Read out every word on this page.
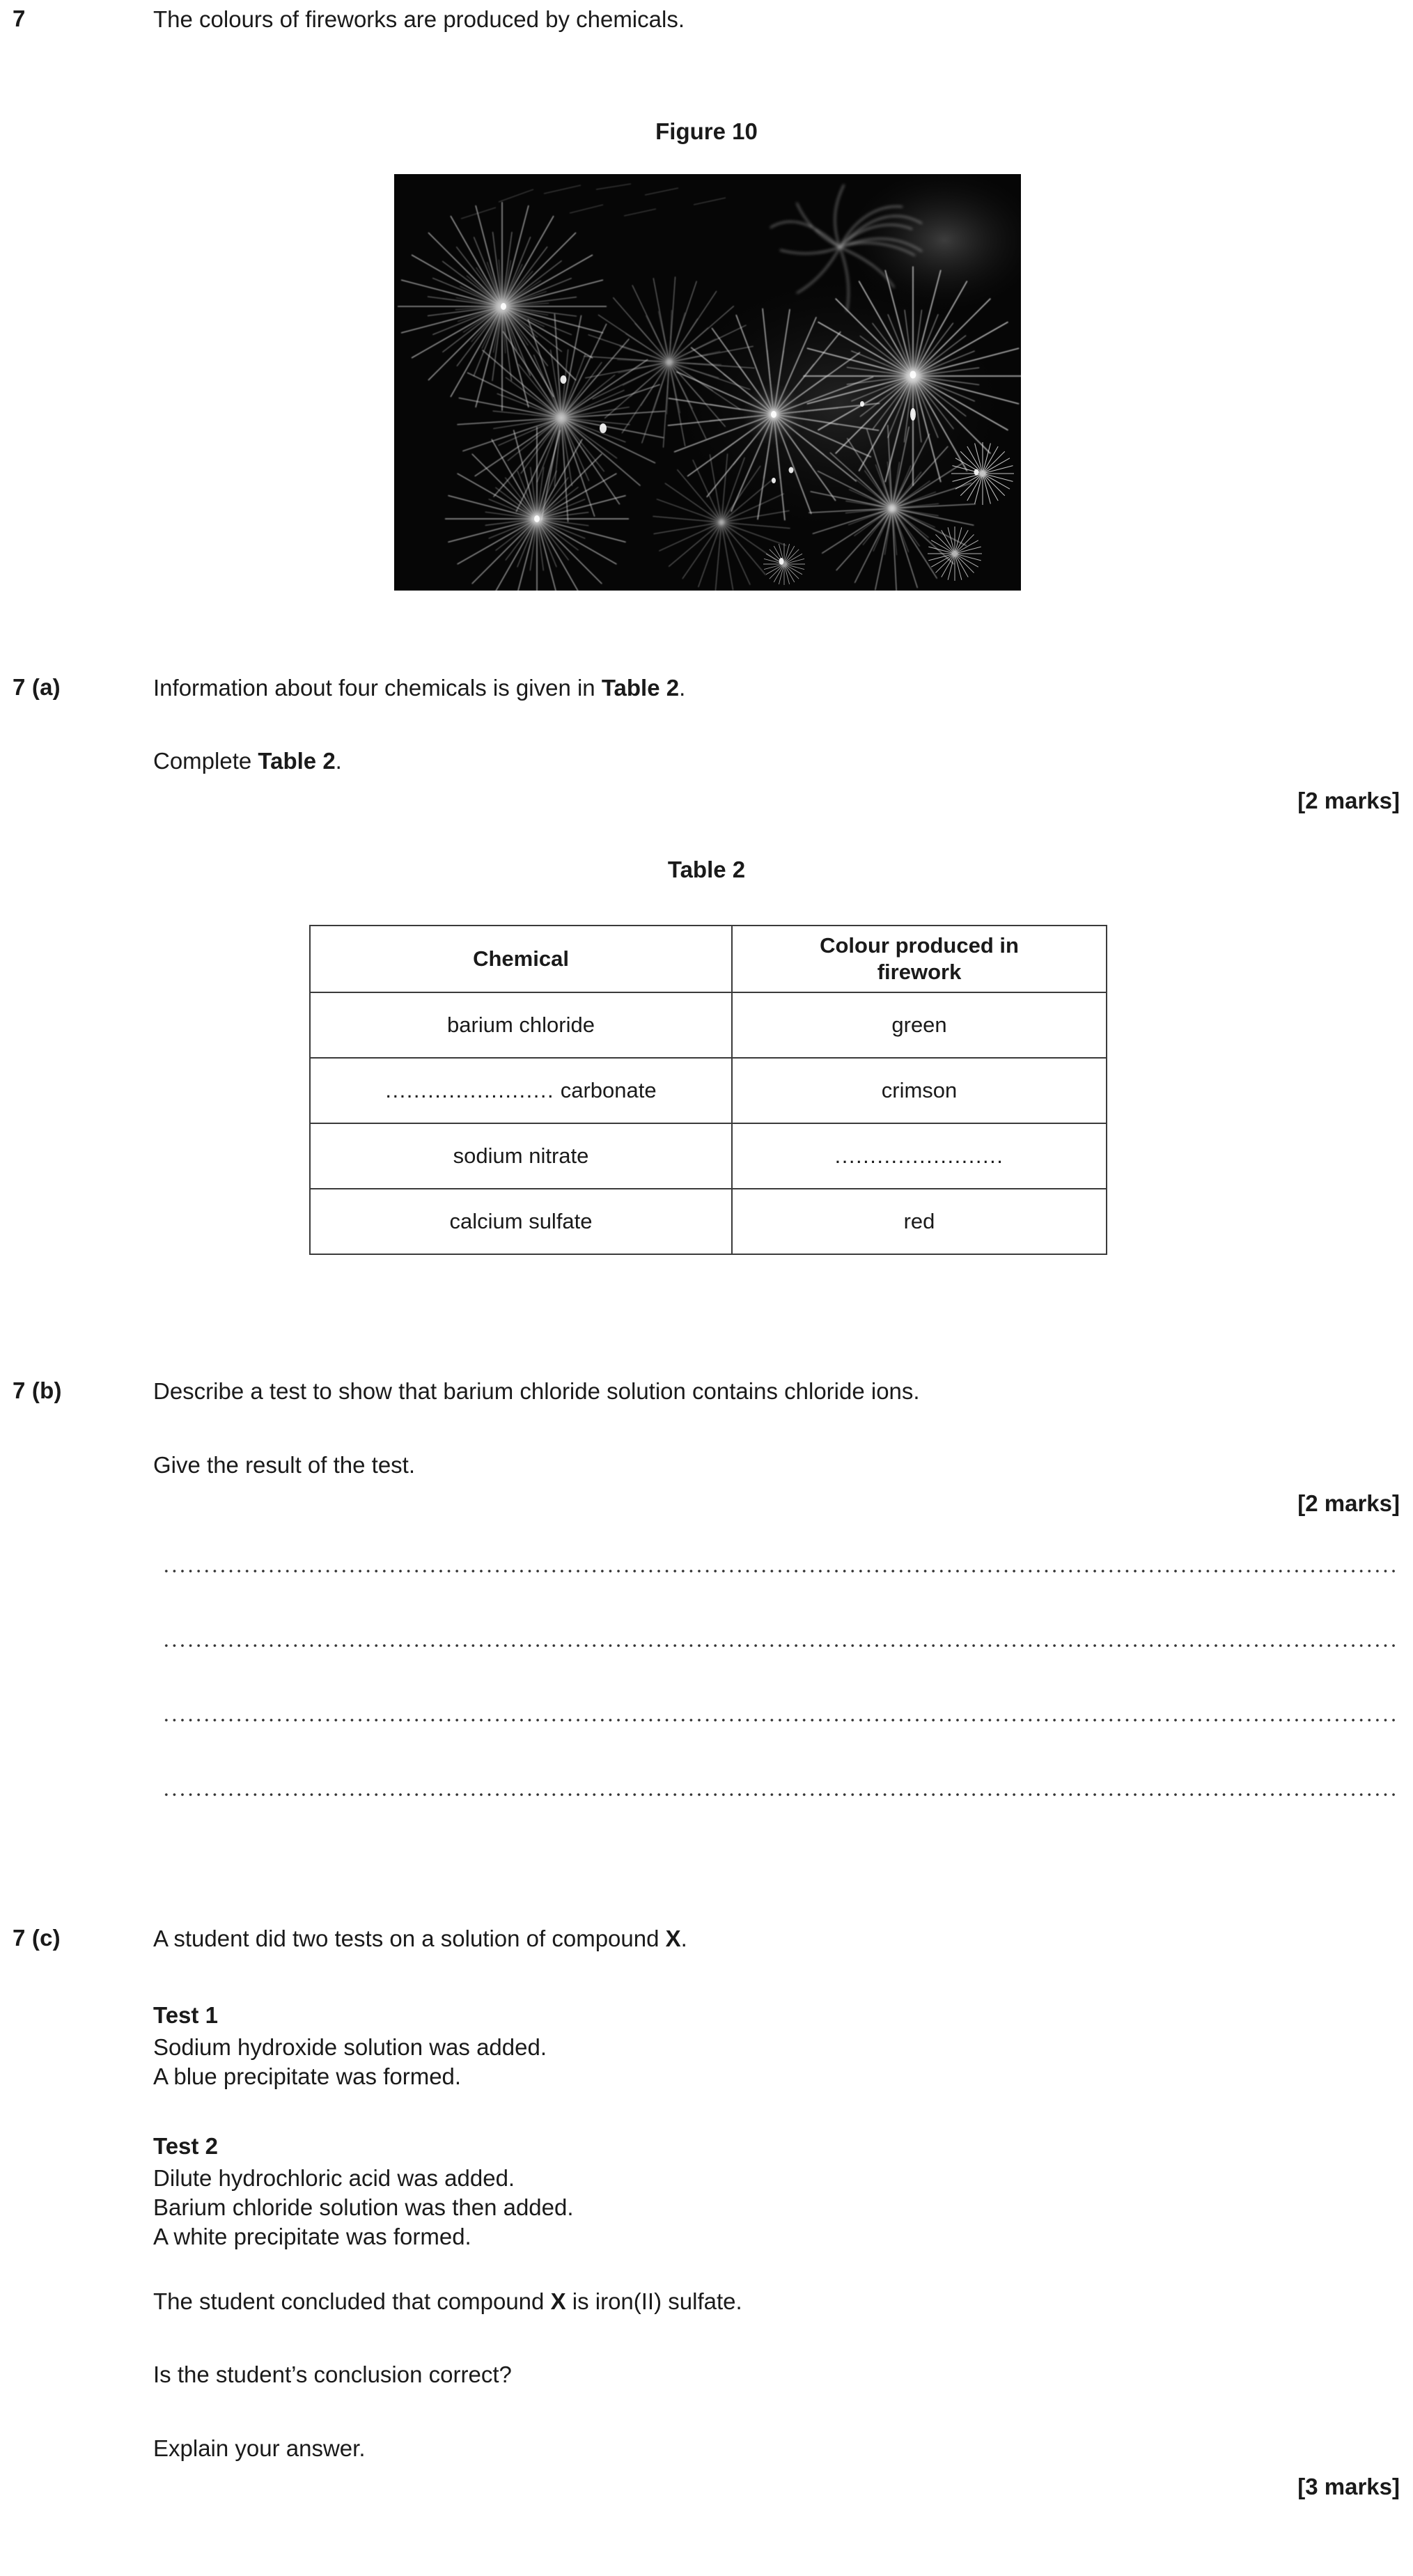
7	The colours of fireworks are produced by chemicals.
Figure 10
7 (a)	Information about four chemicals is given in Table 2.
Complete Table 2.
[2 marks]
Table 2
Chemical	Colour produced in
firework
barium chloride	green
........................ carbonate	crimson
sodium nitrate	........................
calcium sulfate	red
7 (b)	Describe a test to show that barium chloride solution contains chloride ions.
Give the result of the test.
[2 marks]
7 (c)	A student did two tests on a solution of compound X.
Test 1
Sodium hydroxide solution was added.
A blue precipitate was formed.
Test 2
Dilute hydrochloric acid was added.
Barium chloride solution was then added.
A white precipitate was formed.
The student concluded that compound X is iron(II) sulfate.
Is the student’s conclusion correct?
Explain your answer.
[3 marks]
